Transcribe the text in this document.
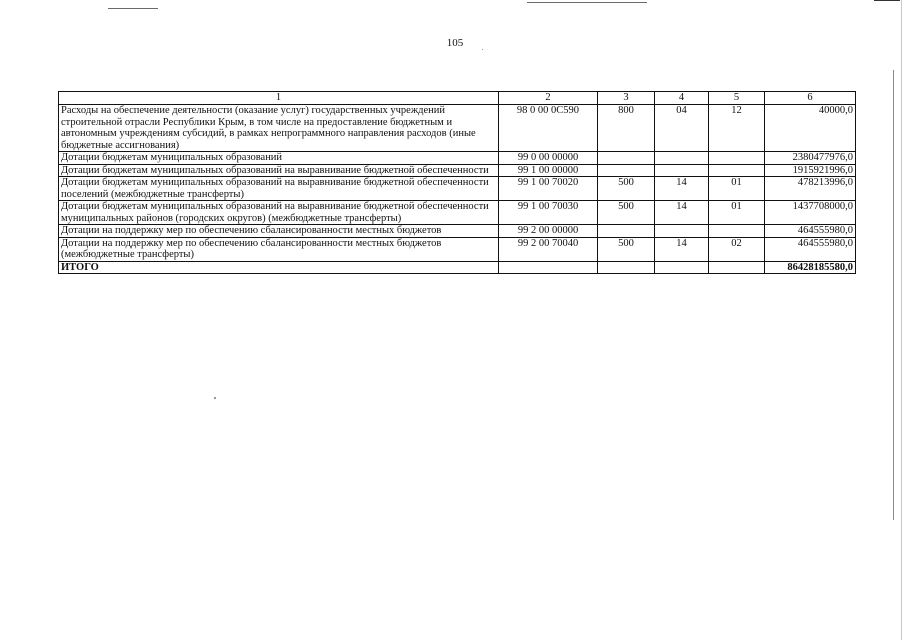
105
1	2	3	4	5	6
Расходы на обеспечение деятельности (оказание услуг) государственных учреждений строительной отрасли Республики Крым, в том числе на предоставление бюджетным и автономным учреждениям субсидий, в рамках непрограммного направления расходов (иные бюджетные ассигнования)	98 0 00 0С590	800	04	12	40000,0
Дотации бюджетам муниципальных образований	99 0 00 00000				2380477976,0
Дотации бюджетам муниципальных образований на выравнивание бюджетной обеспеченности	99 1 00 00000				1915921996,0
Дотации бюджетам муниципальных образований на выравнивание бюджетной обеспеченности поселений (межбюджетные трансферты)	99 1 00 70020	500	14	01	478213996,0
Дотации бюджетам муниципальных образований на выравнивание бюджетной обеспеченности муниципальных районов (городских округов) (межбюджетные трансферты)	99 1 00 70030	500	14	01	1437708000,0
Дотации на поддержку мер по обеспечению сбалансированности местных бюджетов	99 2 00 00000				464555980,0
Дотации на поддержку мер по обеспечению сбалансированности местных бюджетов (межбюджетные трансферты)	99 2 00 70040	500	14	02	464555980,0
ИТОГО					86428185580,0
